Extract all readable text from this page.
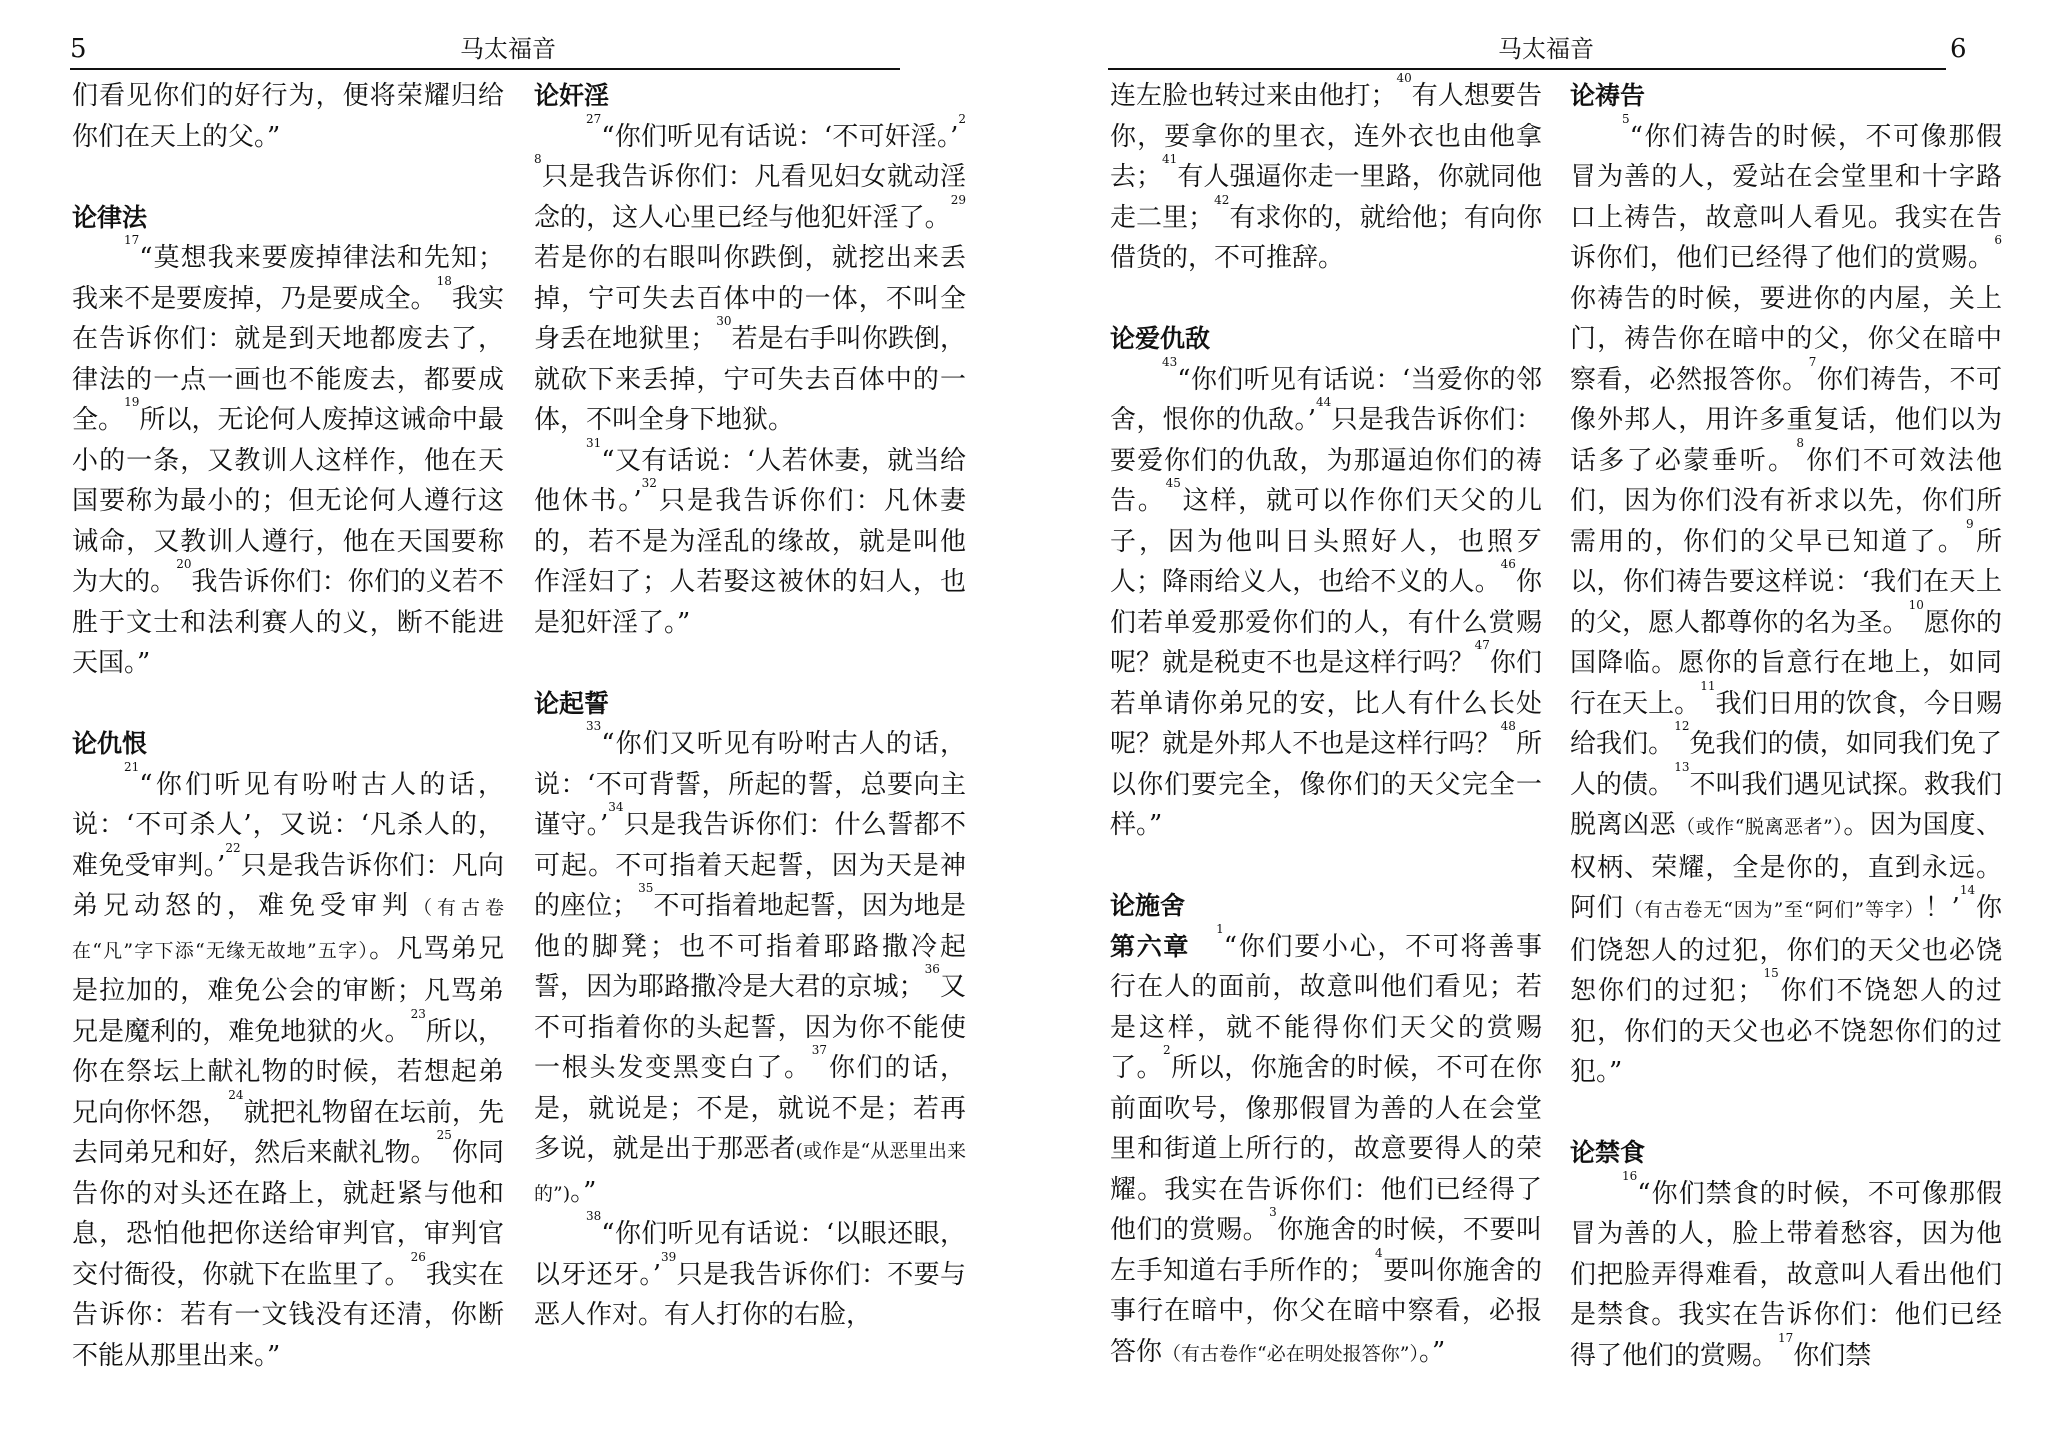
5	马太福音	马太福音	6

们看见你们的好行为，便将荣耀归给你们在天上的父。”

论律法

$^{17}$“莫想我来要废掉律法和先知；我来不是要废掉，乃是要成全。$^{18}$我实在告诉你们：就是到天地都废去了，律法的一点一画也不能废去，都要成全。$^{19}$所以，无论何人废掉这诫命中最小的一条，又教训人这样作，他在天国要称为最小的；但无论何人遵行这诫命，又教训人遵行，他在天国要称为大的。$^{20}$我告诉你们：你们的义若不胜于文士和法利赛人的义，断不能进天国。”

论仇恨

$^{21}$“你们听见有吩咐古人的话，说：‘不可杀人’，又说：‘凡杀人的，难免受审判。’$^{22}$只是我告诉你们：凡向弟兄动怒的，难免受审判（有古卷在“凡”字下添“无缘无故地”五字）。凡骂弟兄是拉加的，难免公会的审断；凡骂弟兄是魔利的，难免地狱的火。$^{23}$所以，你在祭坛上献礼物的时候，若想起弟兄向你怀怨，$^{24}$就把礼物留在坛前，先去同弟兄和好，然后来献礼物。$^{25}$你同告你的对头还在路上，就赶紧与他和息，恐怕他把你送给审判官，审判官交付衙役，你就下在监里了。$^{26}$我实在告诉你：若有一文钱没有还清，你断不能从那里出来。”

论奸淫

$^{27}$“你们听见有话说：‘不可奸淫。’$^{28}$只是我告诉你们：凡看见妇女就动淫念的，这人心里已经与他犯奸淫了。$^{29}$若是你的右眼叫你跌倒，就挖出来丢掉，宁可失去百体中的一体，不叫全身丢在地狱里；$^{30}$若是右手叫你跌倒，就砍下来丢掉，宁可失去百体中的一体，不叫全身下地狱。

$^{31}$“又有话说：‘人若休妻，就当给他休书。’$^{32}$只是我告诉你们：凡休妻的，若不是为淫乱的缘故，就是叫他作淫妇了；人若娶这被休的妇人，也是犯奸淫了。”

论起誓

$^{33}$“你们又听见有吩咐古人的话，说：‘不可背誓，所起的誓，总要向主谨守。’$^{34}$只是我告诉你们：什么誓都不可起。不可指着天起誓，因为天是神的座位；$^{35}$不可指着地起誓，因为地是他的脚凳；也不可指着耶路撒冷起誓，因为耶路撒冷是大君的京城；$^{36}$又不可指着你的头起誓，因为你不能使一根头发变黑变白了。$^{37}$你们的话，是，就说是；不是，就说不是；若再多说，就是出于那恶者(或作是“从恶里出来的”)。”

$^{38}$“你们听见有话说：‘以眼还眼，以牙还牙。’$^{39}$只是我告诉你们：不要与恶人作对。有人打你的右脸，

连左脸也转过来由他打；$^{40}$有人想要告你，要拿你的里衣，连外衣也由他拿去；$^{41}$有人强逼你走一里路，你就同他走二里；$^{42}$有求你的，就给他；有向你借货的，不可推辞。

论爱仇敌

$^{43}$“你们听见有话说：‘当爱你的邻舍，恨你的仇敌。’$^{44}$只是我告诉你们：要爱你们的仇敌，为那逼迫你们的祷告。$^{45}$这样，就可以作你们天父的儿子，因为他叫日头照好人，也照歹人；降雨给义人，也给不义的人。$^{46}$你们若单爱那爱你们的人，有什么赏赐呢？就是税吏不也是这样行吗？$^{47}$你们若单请你弟兄的安，比人有什么长处呢？就是外邦人不也是这样行吗？$^{48}$所以你们要完全，像你们的天父完全一样。”

论施舍

第六章 $^1$“你们要小心，不可将善事行在人的面前，故意叫他们看见；若是这样，就不能得你们天父的赏赐了。$^2$所以，你施舍的时候，不可在你前面吹号，像那假冒为善的人在会堂里和街道上所行的，故意要得人的荣耀。我实在告诉你们：他们已经得了他们的赏赐。$^3$你施舍的时候，不要叫左手知道右手所作的；$^4$要叫你施舍的事行在暗中，你父在暗中察看，必报答你（有古卷作“必在明处报答你”）。”

论祷告

$^5$“你们祷告的时候，不可像那假冒为善的人，爱站在会堂里和十字路口上祷告，故意叫人看见。我实在告诉你们，他们已经得了他们的赏赐。$^6$你祷告的时候，要进你的内屋，关上门，祷告你在暗中的父，你父在暗中察看，必然报答你。$^7$你们祷告，不可像外邦人，用许多重复话，他们以为话多了必蒙垂听。$^8$你们不可效法他们，因为你们没有祈求以先，你们所需用的，你们的父早已知道了。$^9$所以，你们祷告要这样说：‘我们在天上的父，愿人都尊你的名为圣。$^{10}$愿你的国降临。愿你的旨意行在地上，如同行在天上。$^{11}$我们日用的饮食，今日赐给我们。$^{12}$免我们的债，如同我们免了人的债。$^{13}$不叫我们遇见试探。救我们脱离凶恶（或作“脱离恶者”）。因为国度、权柄、荣耀，全是你的，直到永远。阿们（有古卷无“因为”至“阿们”等字）！’$^{14}$你们饶恕人的过犯，你们的天父也必饶恕你们的过犯；$^{15}$你们不饶恕人的过犯，你们的天父也必不饶恕你们的过犯。”

论禁食

$^{16}$“你们禁食的时候，不可像那假冒为善的人，脸上带着愁容，因为他们把脸弄得难看，故意叫人看出他们是禁食。我实在告诉你们：他们已经得了他们的赏赐。$^{17}$你们禁
